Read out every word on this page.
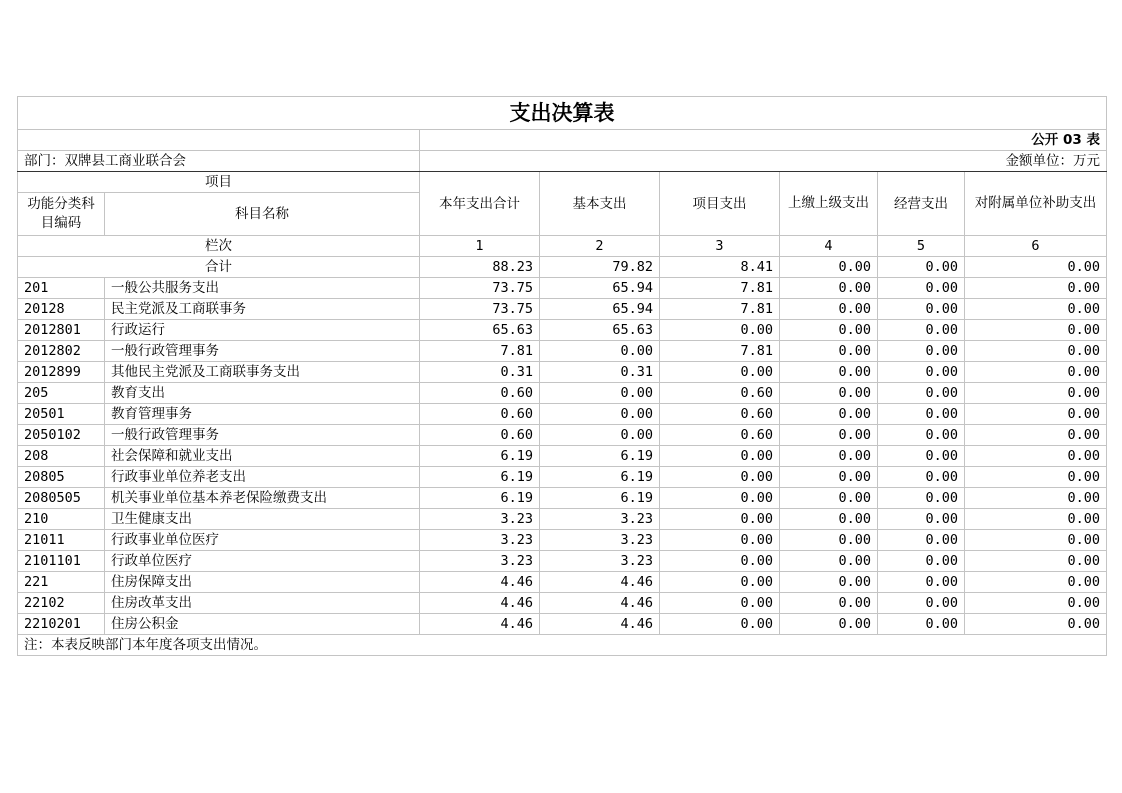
支出决算表							
		公开 03 表					
部门：双牌县工商业联合会		金额单位：万元					
项目		本年支出合计	基本支出	项目支出	上缴上级支出	经营支出	对附属单位补助支出
功能分类科目编码	科目名称						
栏次		1	2	3	4	5	6
合计		88.23	79.82	8.41	0.00	0.00	0.00
201	一般公共服务支出	73.75	65.94	7.81	0.00	0.00	0.00
20128	民主党派及工商联事务	73.75	65.94	7.81	0.00	0.00	0.00
2012801	行政运行	65.63	65.63	0.00	0.00	0.00	0.00
2012802	一般行政管理事务	7.81	0.00	7.81	0.00	0.00	0.00
2012899	其他民主党派及工商联事务支出	0.31	0.31	0.00	0.00	0.00	0.00
205	教育支出	0.60	0.00	0.60	0.00	0.00	0.00
20501	教育管理事务	0.60	0.00	0.60	0.00	0.00	0.00
2050102	一般行政管理事务	0.60	0.00	0.60	0.00	0.00	0.00
208	社会保障和就业支出	6.19	6.19	0.00	0.00	0.00	0.00
20805	行政事业单位养老支出	6.19	6.19	0.00	0.00	0.00	0.00
2080505	机关事业单位基本养老保险缴费支出	6.19	6.19	0.00	0.00	0.00	0.00
210	卫生健康支出	3.23	3.23	0.00	0.00	0.00	0.00
21011	行政事业单位医疗	3.23	3.23	0.00	0.00	0.00	0.00
2101101	行政单位医疗	3.23	3.23	0.00	0.00	0.00	0.00
221	住房保障支出	4.46	4.46	0.00	0.00	0.00	0.00
22102	住房改革支出	4.46	4.46	0.00	0.00	0.00	0.00
2210201	住房公积金	4.46	4.46	0.00	0.00	0.00	0.00
注：本表反映部门本年度各项支出情况。							
